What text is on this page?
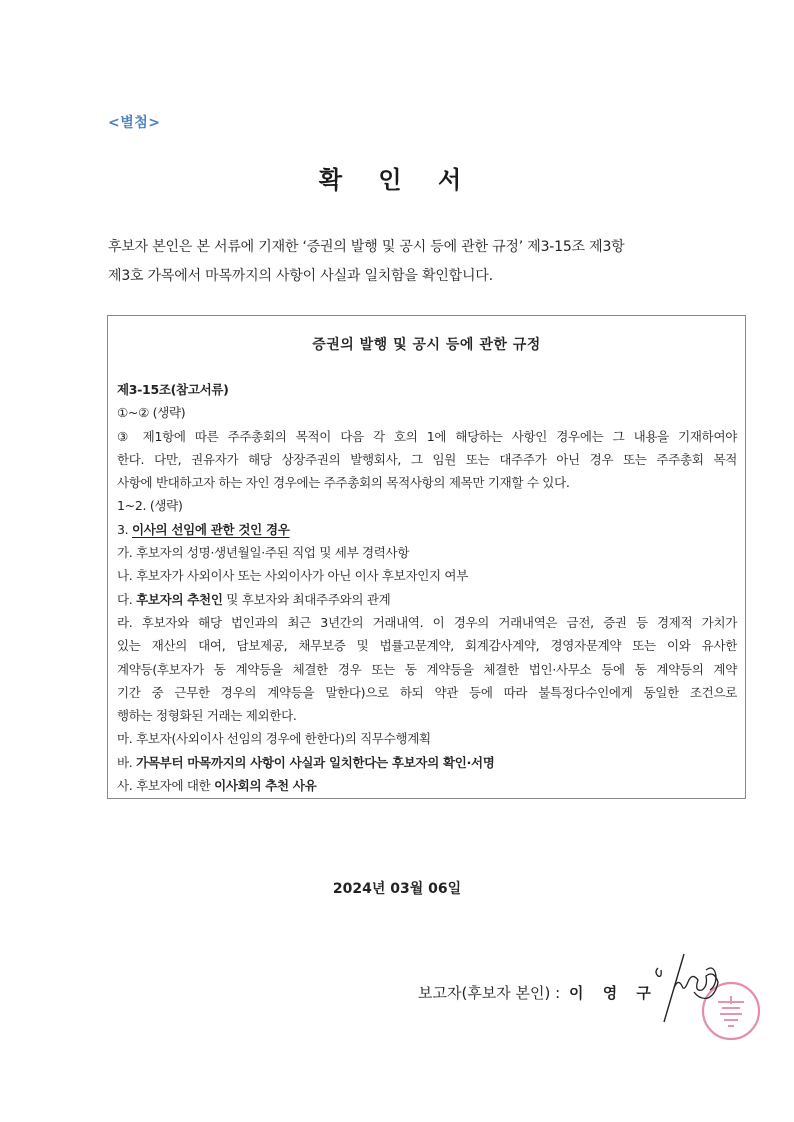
<별첨>
확 인 서
후보자 본인은 본 서류에 기재한 ‘증권의 발행 및 공시 등에 관한 규정’ 제3-15조 제3항
제3호 가목에서 마목까지의 사항이 사실과 일치함을 확인합니다.
증권의 발행 및 공시 등에 관한 규정
제3-15조(참고서류)
①~② (생략)
③ 제1항에 따른 주주총회의 목적이 다음 각 호의 1에 해당하는 사항인 경우에는 그 내용을 기재하여야
한다. 다만, 권유자가 해당 상장주권의 발행회사, 그 임원 또는 대주주가 아닌 경우 또는 주주총회 목적
사항에 반대하고자 하는 자인 경우에는 주주총회의 목적사항의 제목만 기재할 수 있다.
1~2. (생략)
3. 이사의 선임에 관한 것인 경우
가. 후보자의 성명·생년월일·주된 직업 및 세부 경력사항
나. 후보자가 사외이사 또는 사외이사가 아닌 이사 후보자인지 여부
다. 후보자의 추천인 및 후보자와 최대주주와의 관계
라. 후보자와 해당 법인과의 최근 3년간의 거래내역. 이 경우의 거래내역은 금전, 증권 등 경제적 가치가
있는 재산의 대여, 담보제공, 채무보증 및 법률고문계약, 회계감사계약, 경영자문계약 또는 이와 유사한
계약등(후보자가 동 계약등을 체결한 경우 또는 동 계약등을 체결한 법인·사무소 등에 동 계약등의 계약
기간 중 근무한 경우의 계약등을 말한다)으로 하되 약관 등에 따라 불특정다수인에게 동일한 조건으로
행하는 정형화된 거래는 제외한다.
마. 후보자(사외이사 선임의 경우에 한한다)의 직무수행계획
바. 가목부터 마목까지의 사항이 사실과 일치한다는 후보자의 확인·서명
사. 후보자에 대한 이사회의 추천 사유
2024년 03월 06일
보고자(후보자 본인) : 이 영 구
